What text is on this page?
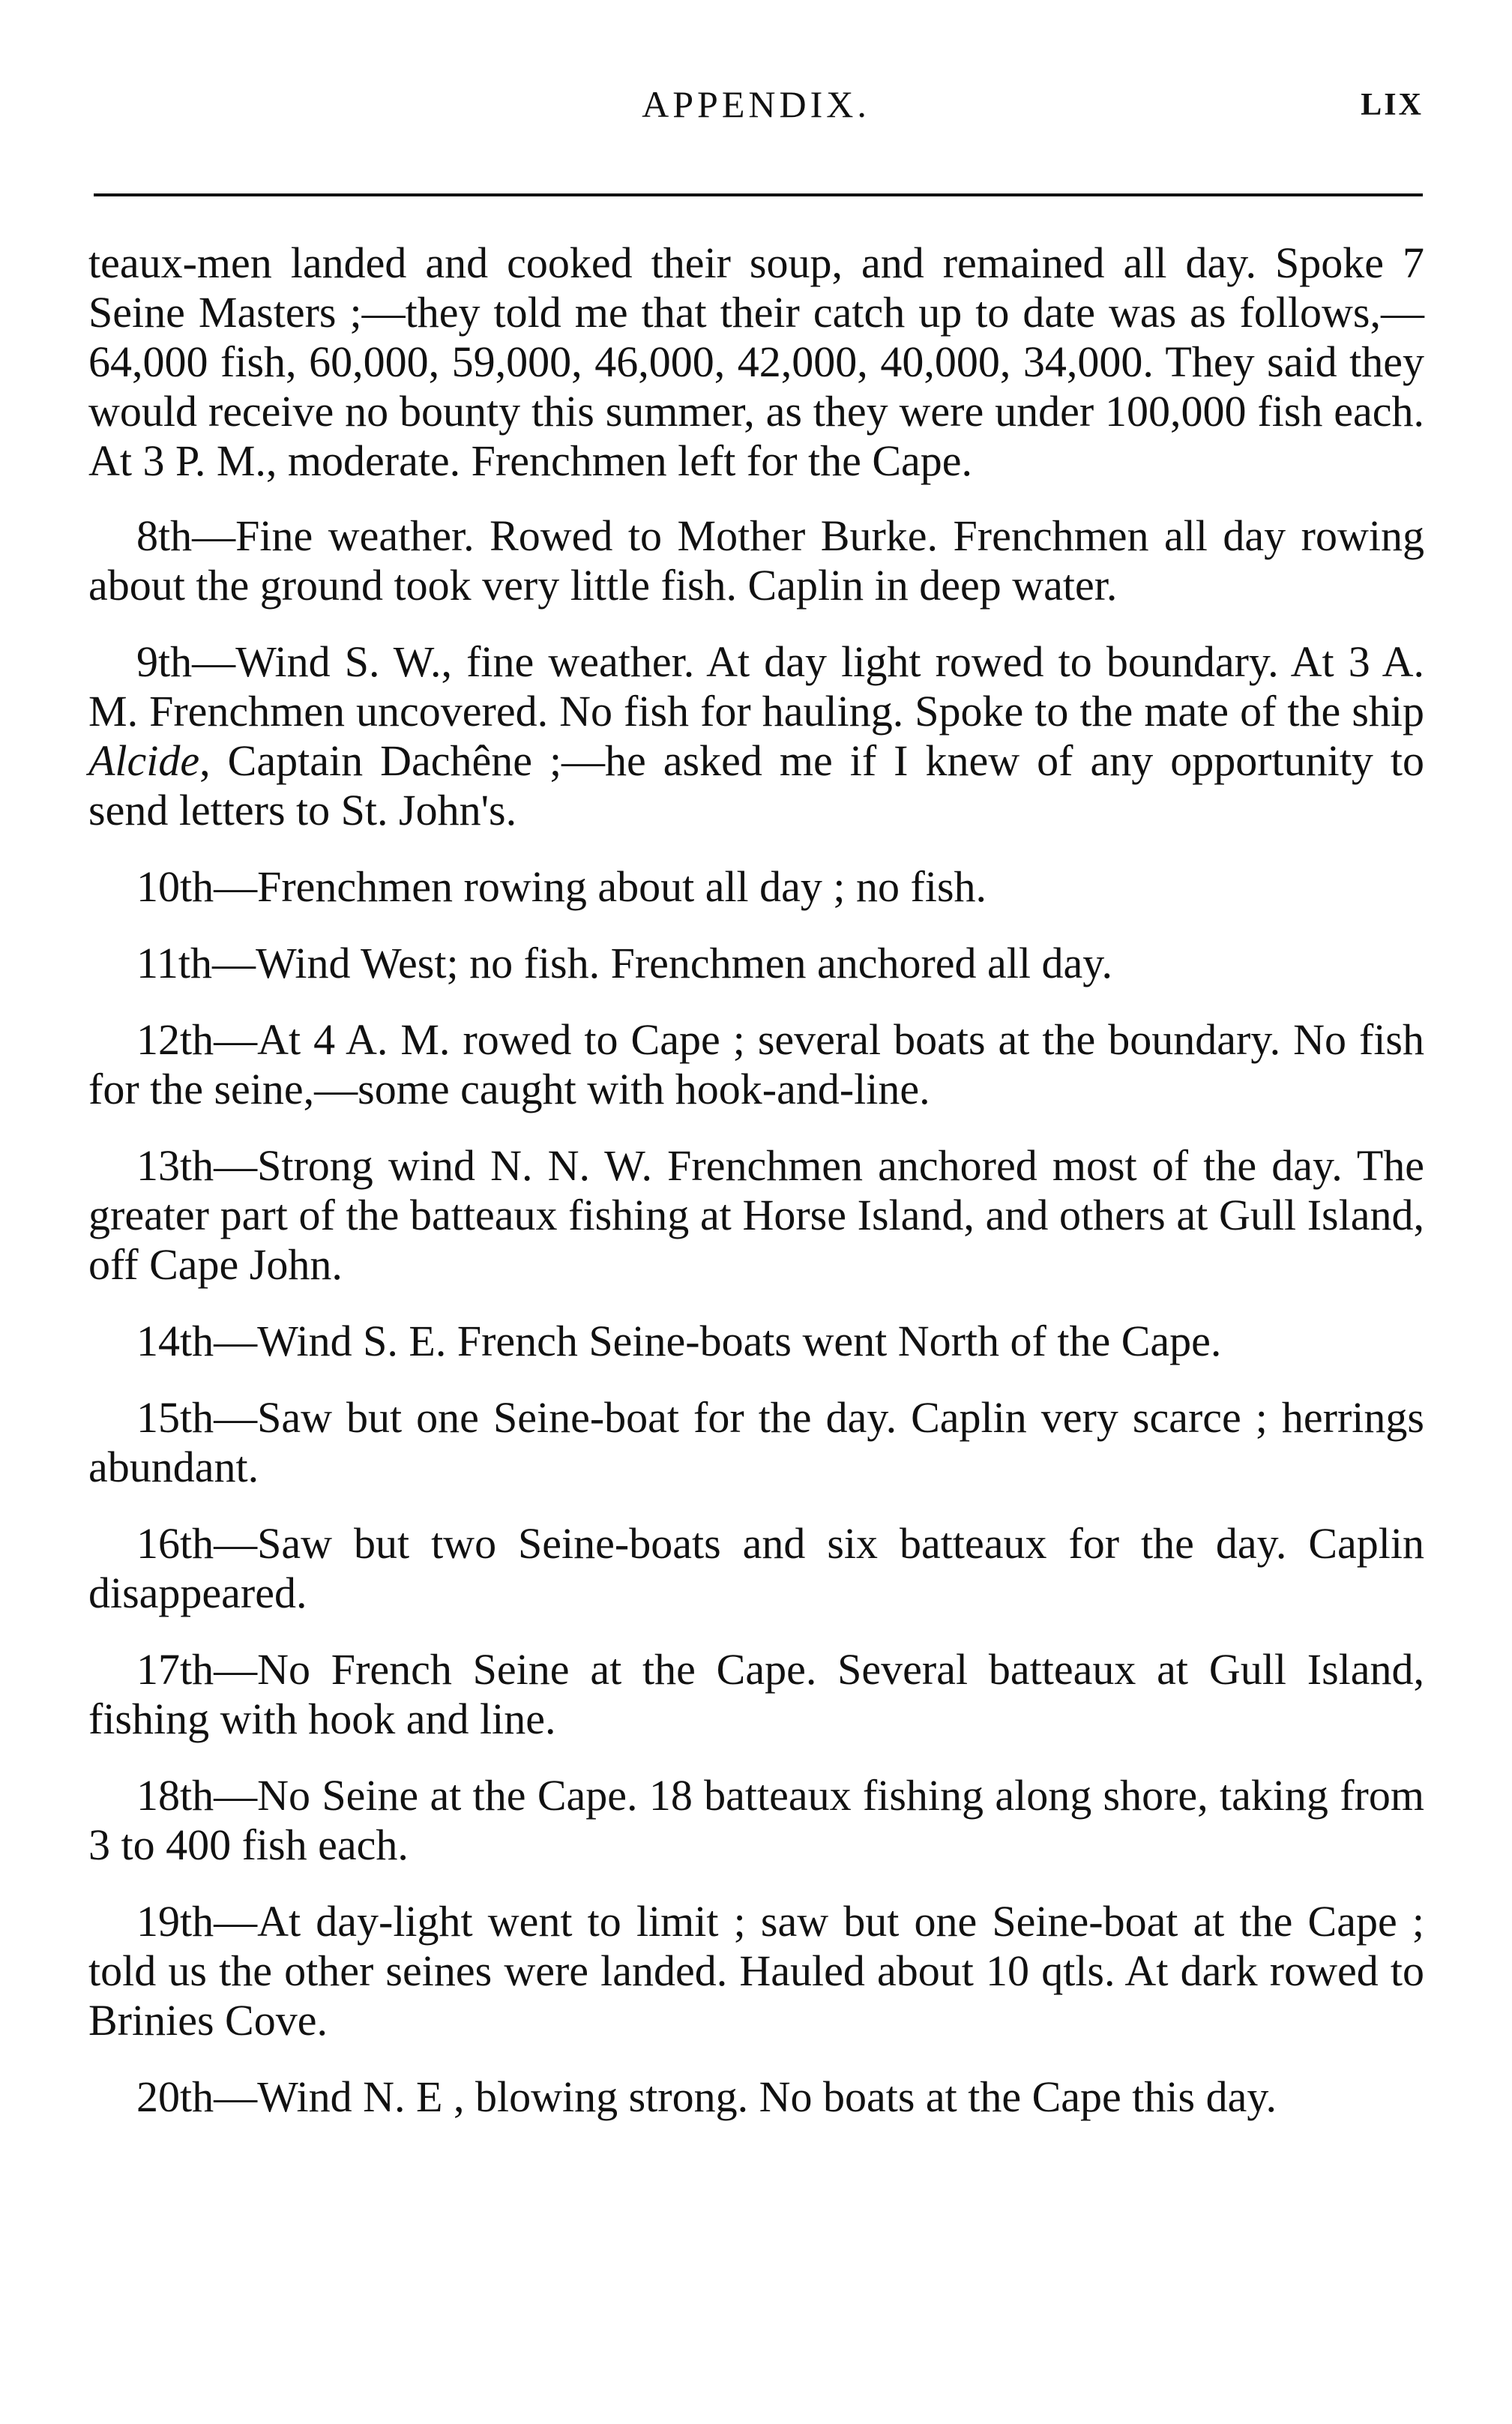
APPENDIX.	LIX

teaux-men landed and cooked their soup, and remained all day. Spoke 7 Seine Masters ;—they told me that their catch up to date was as follows,—64,000 fish, 60,000, 59,000, 46,000, 42,000, 40,000, 34,000. They said they would receive no bounty this summer, as they were under 100,000 fish each. At 3 P. M., moderate. Frenchmen left for the Cape.

8th—Fine weather. Rowed to Mother Burke. Frenchmen all day rowing about the ground took very little fish. Caplin in deep water.

9th—Wind S. W., fine weather. At day light rowed to boundary. At 3 A. M. Frenchmen uncovered. No fish for hauling. Spoke to the mate of the ship Alcide, Captain Dachêne ;—he asked me if I knew of any opportunity to send letters to St. John's.

10th—Frenchmen rowing about all day ; no fish.

11th—Wind West; no fish. Frenchmen anchored all day.

12th—At 4 A. M. rowed to Cape ; several boats at the boundary. No fish for the seine,—some caught with hook-and-line.

13th—Strong wind N. N. W. Frenchmen anchored most of the day. The greater part of the batteaux fishing at Horse Island, and others at Gull Island, off Cape John.

14th—Wind S. E. French Seine-boats went North of the Cape.

15th—Saw but one Seine-boat for the day. Caplin very scarce ; herrings abundant.

16th—Saw but two Seine-boats and six batteaux for the day. Caplin disappeared.

17th—No French Seine at the Cape. Several batteaux at Gull Island, fishing with hook and line.

18th—No Seine at the Cape. 18 batteaux fishing along shore, taking from 3 to 400 fish each.

19th—At day-light went to limit ; saw but one Seine-boat at the Cape ; told us the other seines were landed. Hauled about 10 qtls. At dark rowed to Brinies Cove.

20th—Wind N. E , blowing strong. No boats at the Cape this day.
